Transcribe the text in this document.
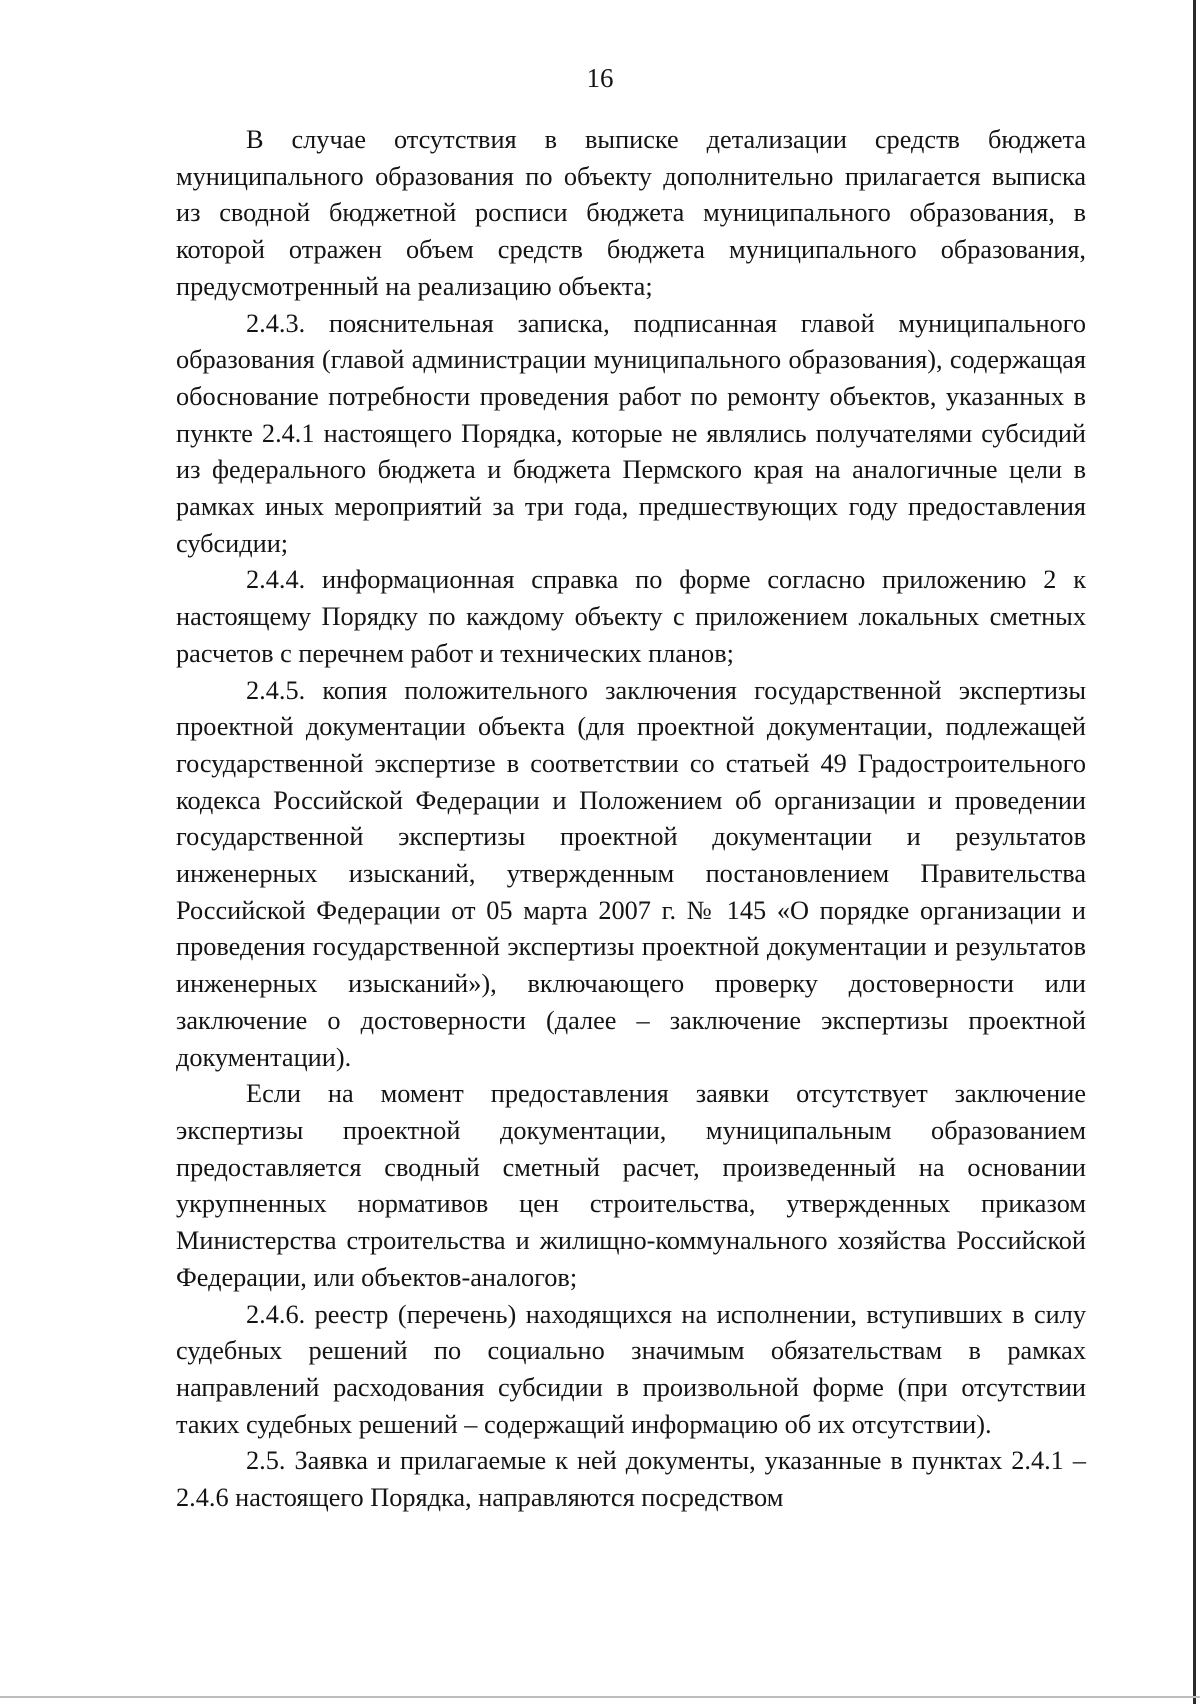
16

В случае отсутствия в выписке детализации средств бюджета муниципального образования по объекту дополнительно прилагается выписка из сводной бюджетной росписи бюджета муниципального образования, в которой отражен объем средств бюджета муниципального образования, предусмотренный на реализацию объекта;

2.4.3. пояснительная записка, подписанная главой муниципального образования (главой администрации муниципального образования), содержащая обоснование потребности проведения работ по ремонту объектов, указанных в пункте 2.4.1 настоящего Порядка, которые не являлись получателями субсидий из федерального бюджета и бюджета Пермского края на аналогичные цели в рамках иных мероприятий за три года, предшествующих году предоставления субсидии;

2.4.4. информационная справка по форме согласно приложению 2 к настоящему Порядку по каждому объекту с приложением локальных сметных расчетов с перечнем работ и технических планов;

2.4.5. копия положительного заключения государственной экспертизы проектной документации объекта (для проектной документации, подлежащей государственной экспертизе в соответствии со статьей 49 Градостроительного кодекса Российской Федерации и Положением об организации и проведении государственной экспертизы проектной документации и результатов инженерных изысканий, утвержденным постановлением Правительства Российской Федерации от 05 марта 2007 г. № 145 «О порядке организации и проведения государственной экспертизы проектной документации и результатов инженерных изысканий»), включающего проверку достоверности или заключение о достоверности (далее – заключение экспертизы проектной документации).

Если на момент предоставления заявки отсутствует заключение экспертизы проектной документации, муниципальным образованием предоставляется сводный сметный расчет, произведенный на основании укрупненных нормативов цен строительства, утвержденных приказом Министерства строительства и жилищно-коммунального хозяйства Российской Федерации, или объектов-аналогов;

2.4.6. реестр (перечень) находящихся на исполнении, вступивших в силу судебных решений по социально значимым обязательствам в рамках направлений расходования субсидии в произвольной форме (при отсутствии таких судебных решений – содержащий информацию об их отсутствии).

2.5. Заявка и прилагаемые к ней документы, указанные в пунктах 2.4.1 – 2.4.6 настоящего Порядка, направляются посредством
